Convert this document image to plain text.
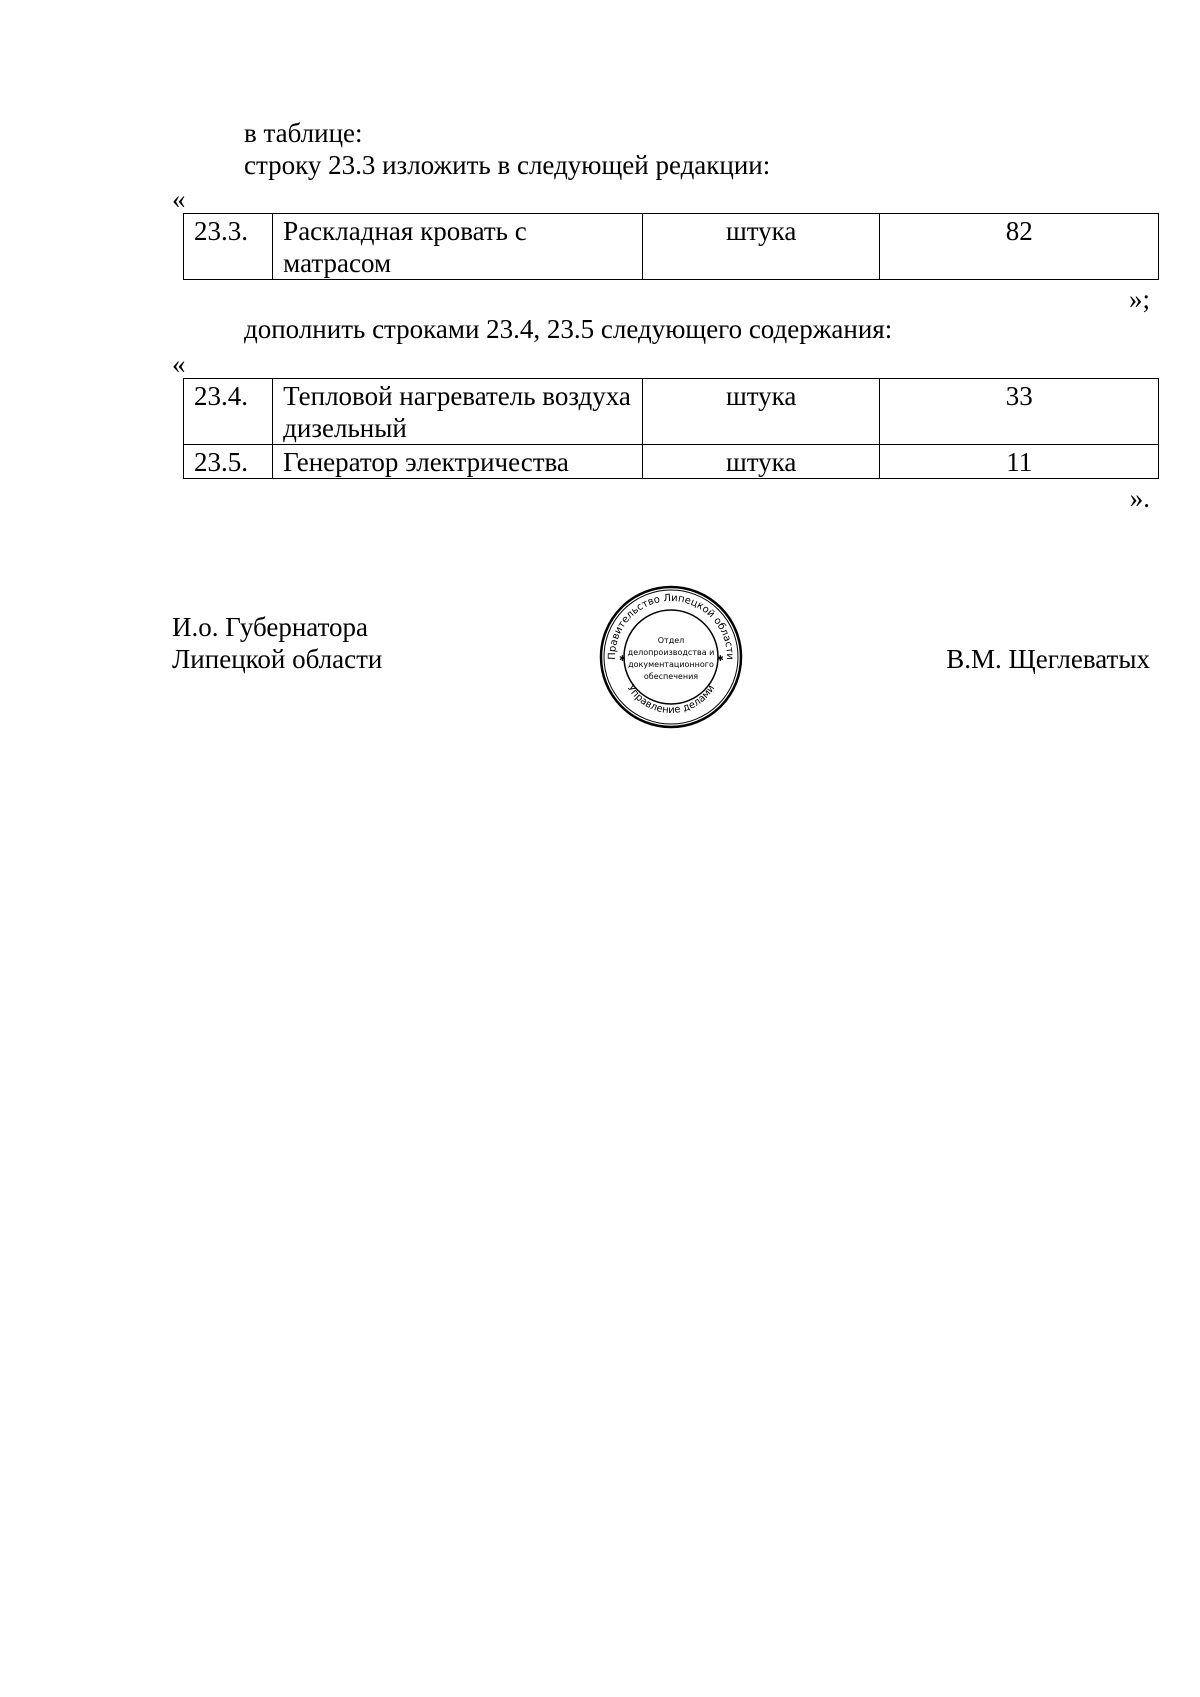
в таблице:
строку 23.3 изложить в следующей редакции:
«
23.3.	Раскладная кровать с матрасом	штука	82
»;
дополнить строками 23.4, 23.5 следующего содержания:
«
23.4.	Тепловой нагреватель воздуха дизельный	штука	33
23.5.	Генератор электричества	штука	11
».
И.о. Губернатора
Липецкой области	В.М. Щеглеватых
Правительство Липецкой области
Управление делами
✱	✱
Отдел
делопроизводства и
документационного
обеспечения
